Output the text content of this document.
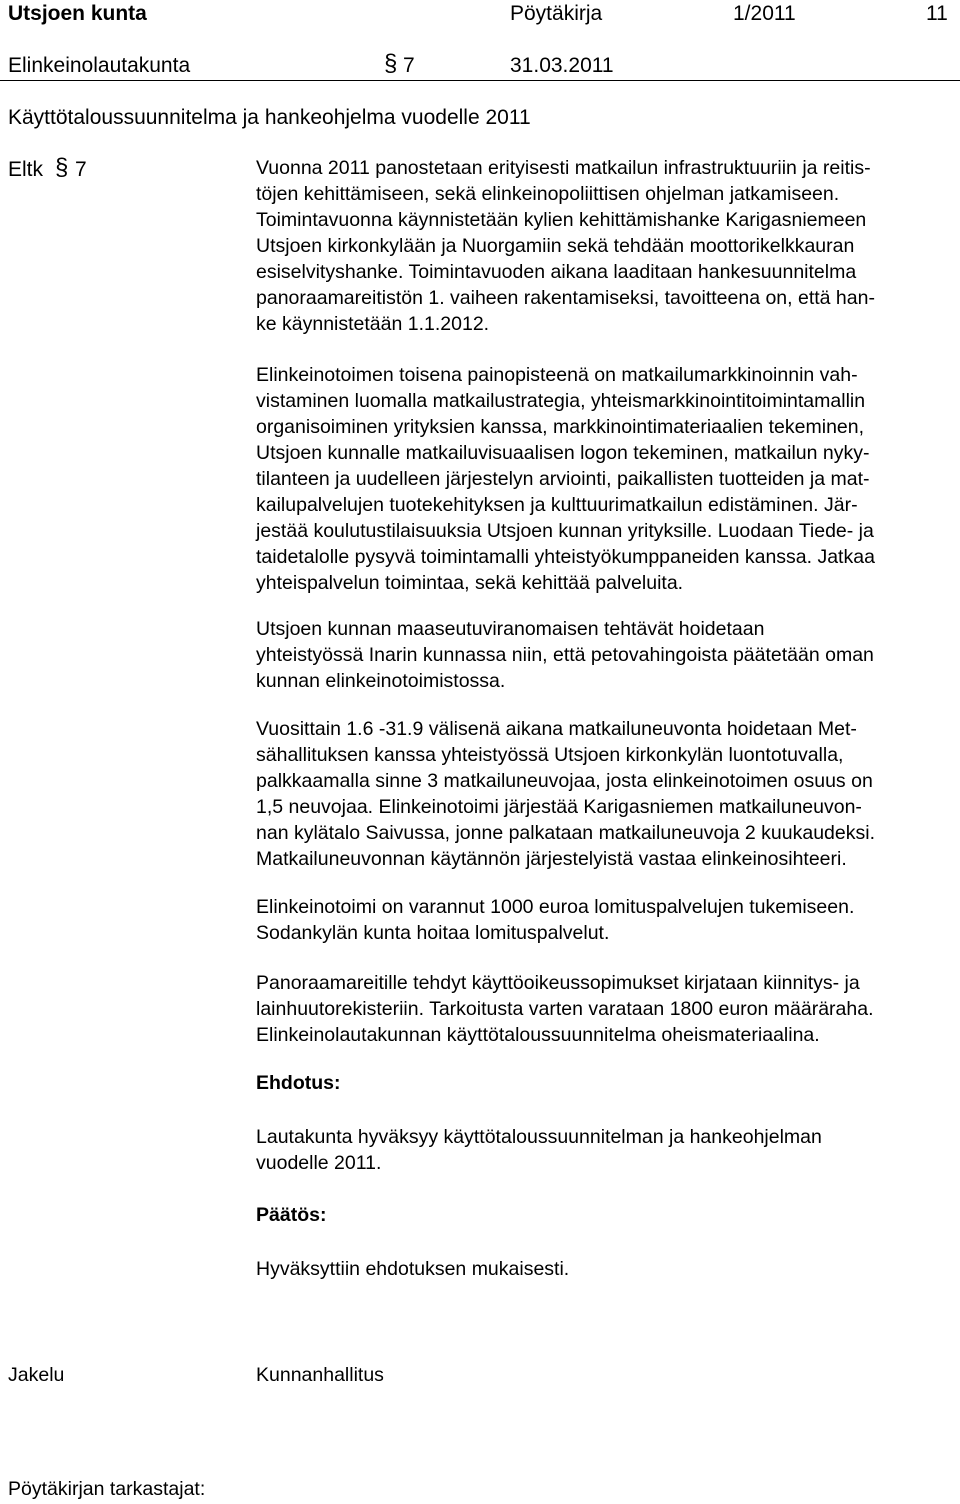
Utsjoen kunta	Pöytäkirja	1/2011	11
Elinkeinolautakunta	§ 7	31.03.2011
Käyttötaloussuunnitelma ja hankeohjelma vuodelle 2011
Eltk § 7	Vuonna 2011 panostetaan erityisesti matkailun infrastruktuuriin ja reitis-
töjen kehittämiseen, sekä elinkeinopoliittisen ohjelman jatkamiseen.
Toimintavuonna käynnistetään kylien kehittämishanke Karigasniemeen
Utsjoen kirkonkylään ja Nuorgamiin sekä tehdään moottorikelkkauran
esiselvityshanke. Toimintavuoden aikana laaditaan hankesuunnitelma
panoraamareitistön 1. vaiheen rakentamiseksi, tavoitteena on, että han-
ke käynnistetään 1.1.2012.
Elinkeinotoimen toisena painopisteenä on matkailumarkkinoinnin vah-
vistaminen luomalla matkailustrategia, yhteismarkkinointitoimintamallin
organisoiminen yrityksien kanssa, markkinointimateriaalien tekeminen,
Utsjoen kunnalle matkailuvisuaalisen logon tekeminen, matkailun nyky-
tilanteen ja uudelleen järjestelyn arviointi, paikallisten tuotteiden ja mat-
kailupalvelujen tuotekehityksen ja kulttuurimatkailun edistäminen. Jär-
jestää koulutustilaisuuksia Utsjoen kunnan yrityksille. Luodaan Tiede- ja
taidetalolle pysyvä toimintamalli yhteistyökumppaneiden kanssa. Jatkaa
yhteispalvelun toimintaa, sekä kehittää palveluita.
Utsjoen kunnan maaseutuviranomaisen tehtävät hoidetaan
yhteistyössä Inarin kunnassa niin, että petovahingoista päätetään oman
kunnan elinkeinotoimistossa.
Vuosittain 1.6 -31.9 välisenä aikana matkailuneuvonta hoidetaan Met-
sähallituksen kanssa yhteistyössä Utsjoen kirkonkylän luontotuvalla,
palkkaamalla sinne 3 matkailuneuvojaa, josta elinkeinotoimen osuus on
1,5 neuvojaa. Elinkeinotoimi järjestää Karigasniemen matkailuneuvon-
nan kylätalo Saivussa, jonne palkataan matkailuneuvoja 2 kuukaudeksi.
Matkailuneuvonnan käytännön järjestelyistä vastaa elinkeinosihteeri.
Elinkeinotoimi on varannut 1000 euroa lomituspalvelujen tukemiseen.
Sodankylän kunta hoitaa lomituspalvelut.
Panoraamareitille tehdyt käyttöoikeussopimukset kirjataan kiinnitys- ja
lainhuutorekisteriin. Tarkoitusta varten varataan 1800 euron määräraha.
Elinkeinolautakunnan käyttötaloussuunnitelma oheismateriaalina.
Ehdotus:
Lautakunta hyväksyy käyttötaloussuunnitelman ja hankeohjelman
vuodelle 2011.
Päätös:
Hyväksyttiin ehdotuksen mukaisesti.
Jakelu	Kunnanhallitus
Pöytäkirjan tarkastajat:
